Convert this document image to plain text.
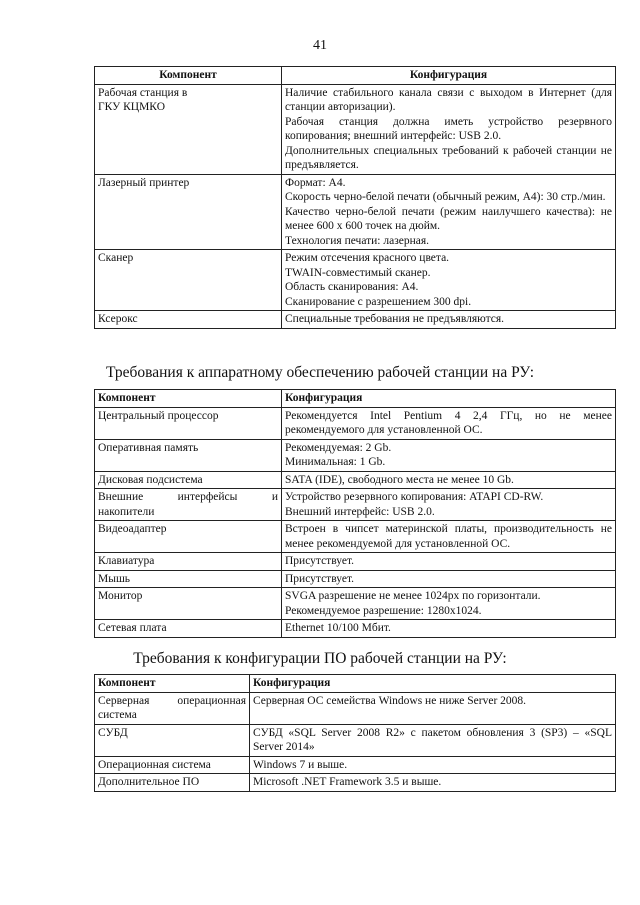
41
Компонент	Конфигурация

Рабочая станция в
ГКУ КЦМКО	Наличие стабильного канала связи с выходом в Интернет (для станции авторизации).
Рабочая станция должна иметь устройство резервного копирования; внешний интерфейс: USB 2.0.
Дополнительных специальных требований к рабочей станции не предъявляется.

Лазерный принтер	Формат: А4.
Скорость черно-белой печати (обычный режим, А4): 30 стр./мин.
Качество черно-белой печати (режим наилучшего качества): не менее 600 х 600 точек на дюйм.
Технология печати: лазерная.

Сканер	Режим отсечения красного цвета.
TWAIN-совместимый сканер.
Область сканирования: А4.
Сканирование с разрешением 300 dpi.

Ксерокс	Специальные требования не предъявляются.
Требования к аппаратному обеспечению рабочей станции на РУ:
Компонент	Конфигурация

Центральный процессор	Рекомендуется Intel Pentium 4 2,4 ГГц, но не менее рекомендуемого для установленной ОС.

Оперативная память	Рекомендуемая: 2 Gb.
Минимальная: 1 Gb.

Дисковая подсистема	SATA (IDE), свободного места не менее 10 Gb.

Внешние интерфейсы и
накопители	Устройство резервного копирования: ATAPI CD-RW.
Внешний интерфейс: USB 2.0.

Видеоадаптер	Встроен в чипсет материнской платы, производительность не менее рекомендуемой для установленной ОС.

Клавиатура	Присутствует.

Мышь	Присутствует.

Монитор	SVGA разрешение не менее 1024px по горизонтали.
Рекомендуемое разрешение: 1280x1024.

Сетевая плата	Ethernet 10/100 Мбит.
Требования к конфигурации ПО рабочей станции на РУ:
Компонент	Конфигурация

Серверная операционная
система	Серверная ОС семейства Windows не ниже Server 2008.

СУБД	СУБД «SQL Server 2008 R2» с пакетом обновления 3 (SP3) – «SQL Server 2014»

Операционная система	Windows 7 и выше.

Дополнительное ПО	Microsoft .NET Framework 3.5 и выше.
